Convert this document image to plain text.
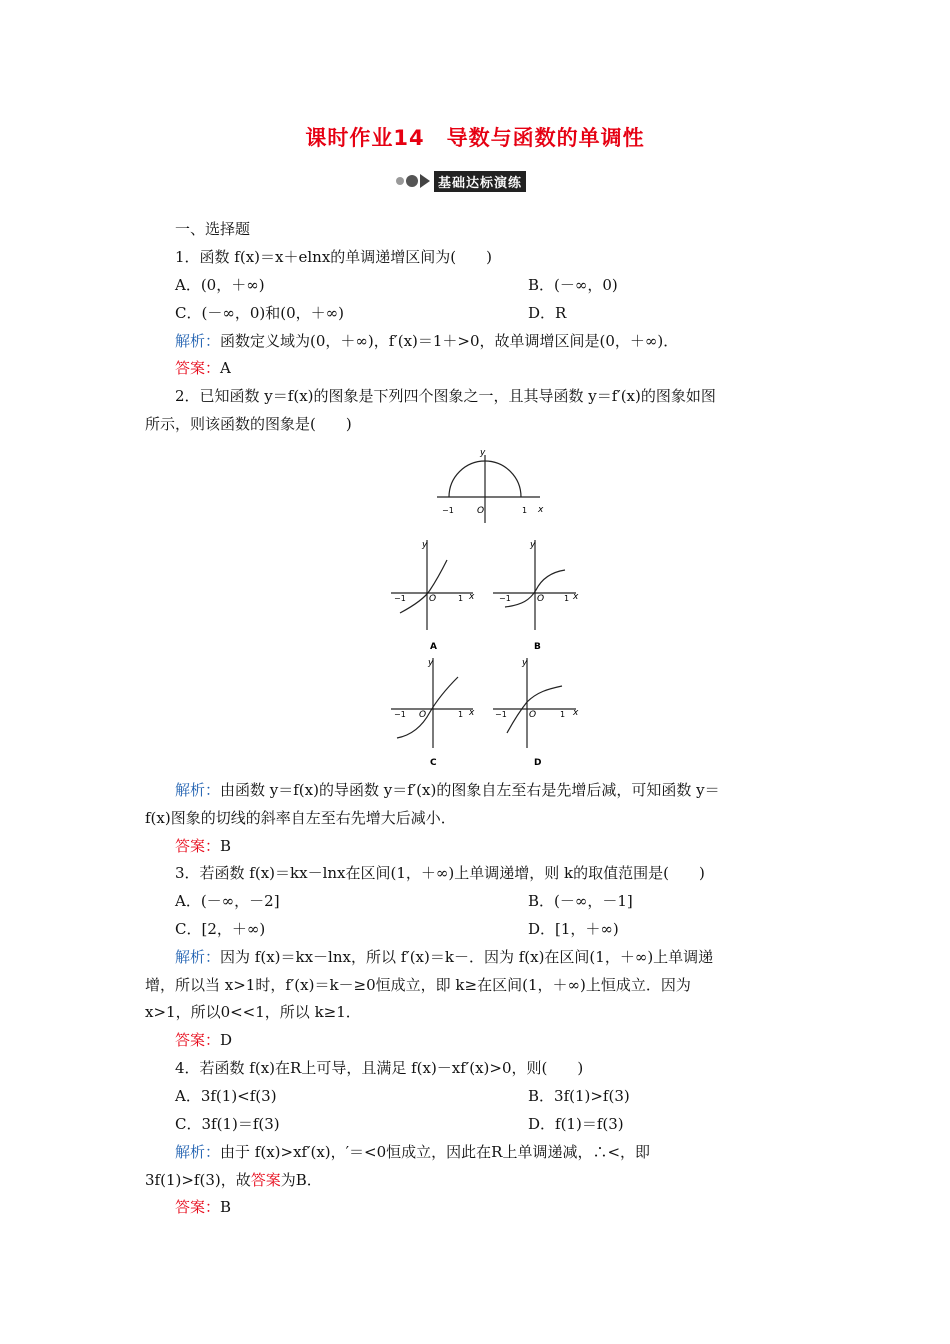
课时作业14　导数与函数的单调性
基础达标演练
一、选择题
1．函数 f(x)＝x＋elnx的单调递增区间为(　　)
A．(0，＋∞)	B．(－∞，0)
C．(－∞，0)和(0，＋∞)	D．R
解析：函数定义域为(0，＋∞)，f′(x)＝1＋>0，故单调增区间是(0，＋∞)．
答案：A
2．已知函数 y＝f(x)的图象是下列四个图象之一，且其导函数 y＝f′(x)的图象如图
所示，则该函数的图象是(　　)
y
x
O
−1	1
y
x
O
−1	1
A
y
x
O
−1	1
B
y
x
O
−1	1
C
y
x
O
−1	1
D
解析：由函数 y＝f(x)的导函数 y＝f′(x)的图象自左至右是先增后减，可知函数 y＝
f(x)图象的切线的斜率自左至右先增大后减小．
答案：B
3．若函数 f(x)＝kx－lnx在区间(1，＋∞)上单调递增，则 k的取值范围是(　　)
A．(－∞，－2]	B．(－∞，－1]
C．[2，＋∞)	D．[1，＋∞)
解析：因为 f(x)＝kx－lnx，所以 f′(x)＝k－．因为 f(x)在区间(1，＋∞)上单调递
增，所以当 x>1时，f′(x)＝k－≥0恒成立，即 k≥在区间(1，＋∞)上恒成立．因为
x>1，所以0<<1，所以 k≥1．
答案：D
4．若函数 f(x)在R上可导，且满足 f(x)－xf′(x)>0，则(　　)
A．3f(1)<f(3)	B．3f(1)>f(3)
C．3f(1)＝f(3)	D．f(1)＝f(3)
解析：由于 f(x)>xf′(x)，′＝<0恒成立，因此在R上单调递减，∴<，即
3f(1)>f(3)，故答案为B．
答案：B
